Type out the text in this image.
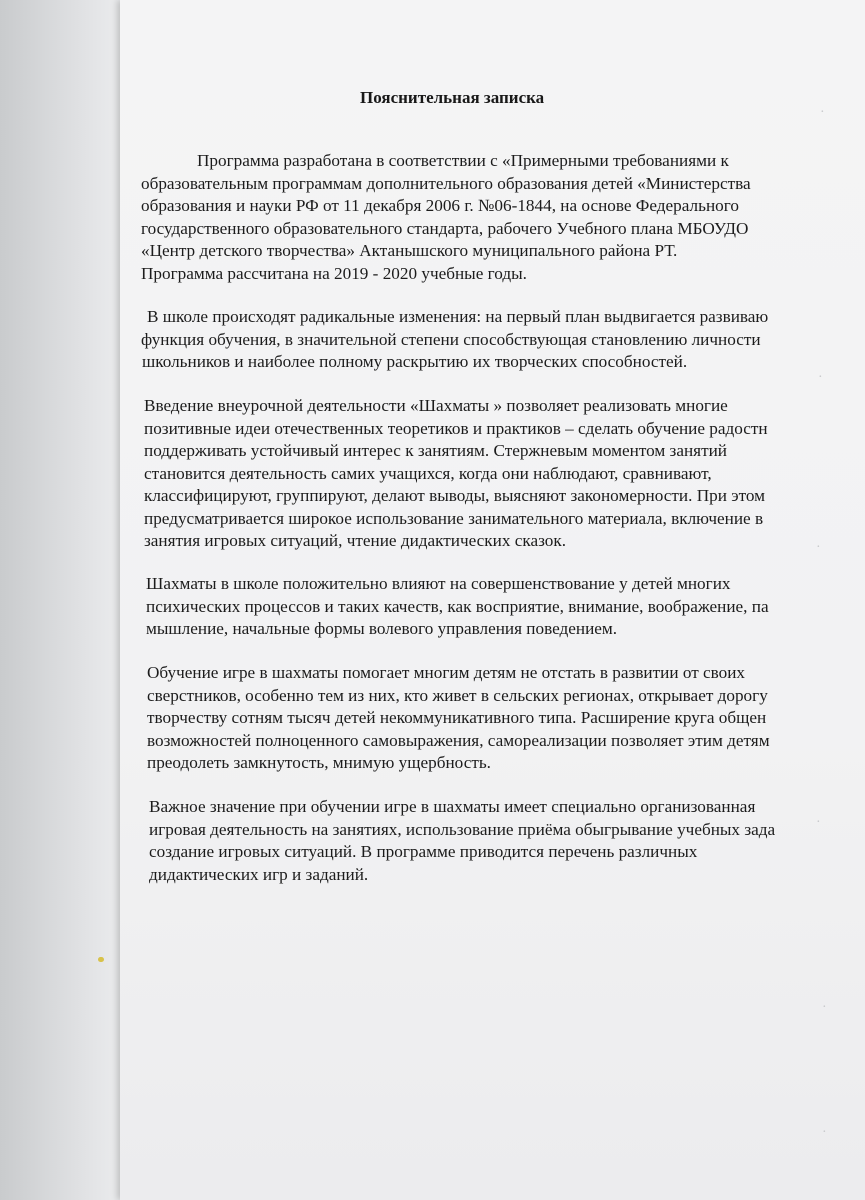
·
·
·
·
·
·
Пояснительная записка
Программа разработана в соответствии с «Примерными требованиями к
образовательным программам дополнительного образования детей «Министерства
образования и науки РФ от 11 декабря 2006 г. №06-1844, на основе Федерального
государственного образовательного стандарта, рабочего Учебного плана МБОУДО
«Центр детского творчества» Актанышского муниципального района РТ.
Программа рассчитана на 2019 - 2020 учебные годы.
В школе происходят радикальные изменения: на первый план выдвигается развиваю
функция обучения, в значительной степени способствующая становлению личности
школьников и наиболее полному раскрытию их творческих способностей.
Введение внеурочной деятельности «Шахматы » позволяет реализовать многие
позитивные идеи отечественных теоретиков и практиков – сделать обучение радостн
поддерживать устойчивый интерес к занятиям. Стержневым моментом занятий
становится деятельность самих учащихся, когда они наблюдают, сравнивают,
классифицируют, группируют, делают выводы, выясняют закономерности. При этом
предусматривается широкое использование занимательного материала, включение в
занятия игровых ситуаций, чтение дидактических сказок.
Шахматы в школе положительно влияют на совершенствование у детей многих
психических процессов и таких качеств, как восприятие, внимание, воображение, па
мышление, начальные формы волевого управления поведением.
Обучение игре в шахматы помогает многим детям не отстать в развитии от своих
сверстников, особенно тем из них, кто живет в сельских регионах, открывает дорогу
творчеству сотням тысяч детей некоммуникативного типа. Расширение круга общен
возможностей полноценного самовыражения, самореализации позволяет этим детям
преодолеть замкнутость, мнимую ущербность.
Важное значение при обучении игре в шахматы имеет специально организованная
игровая деятельность на занятиях, использование приёма обыгрывание учебных зада
создание игровых ситуаций. В программе приводится перечень различных
дидактических игр и заданий.
